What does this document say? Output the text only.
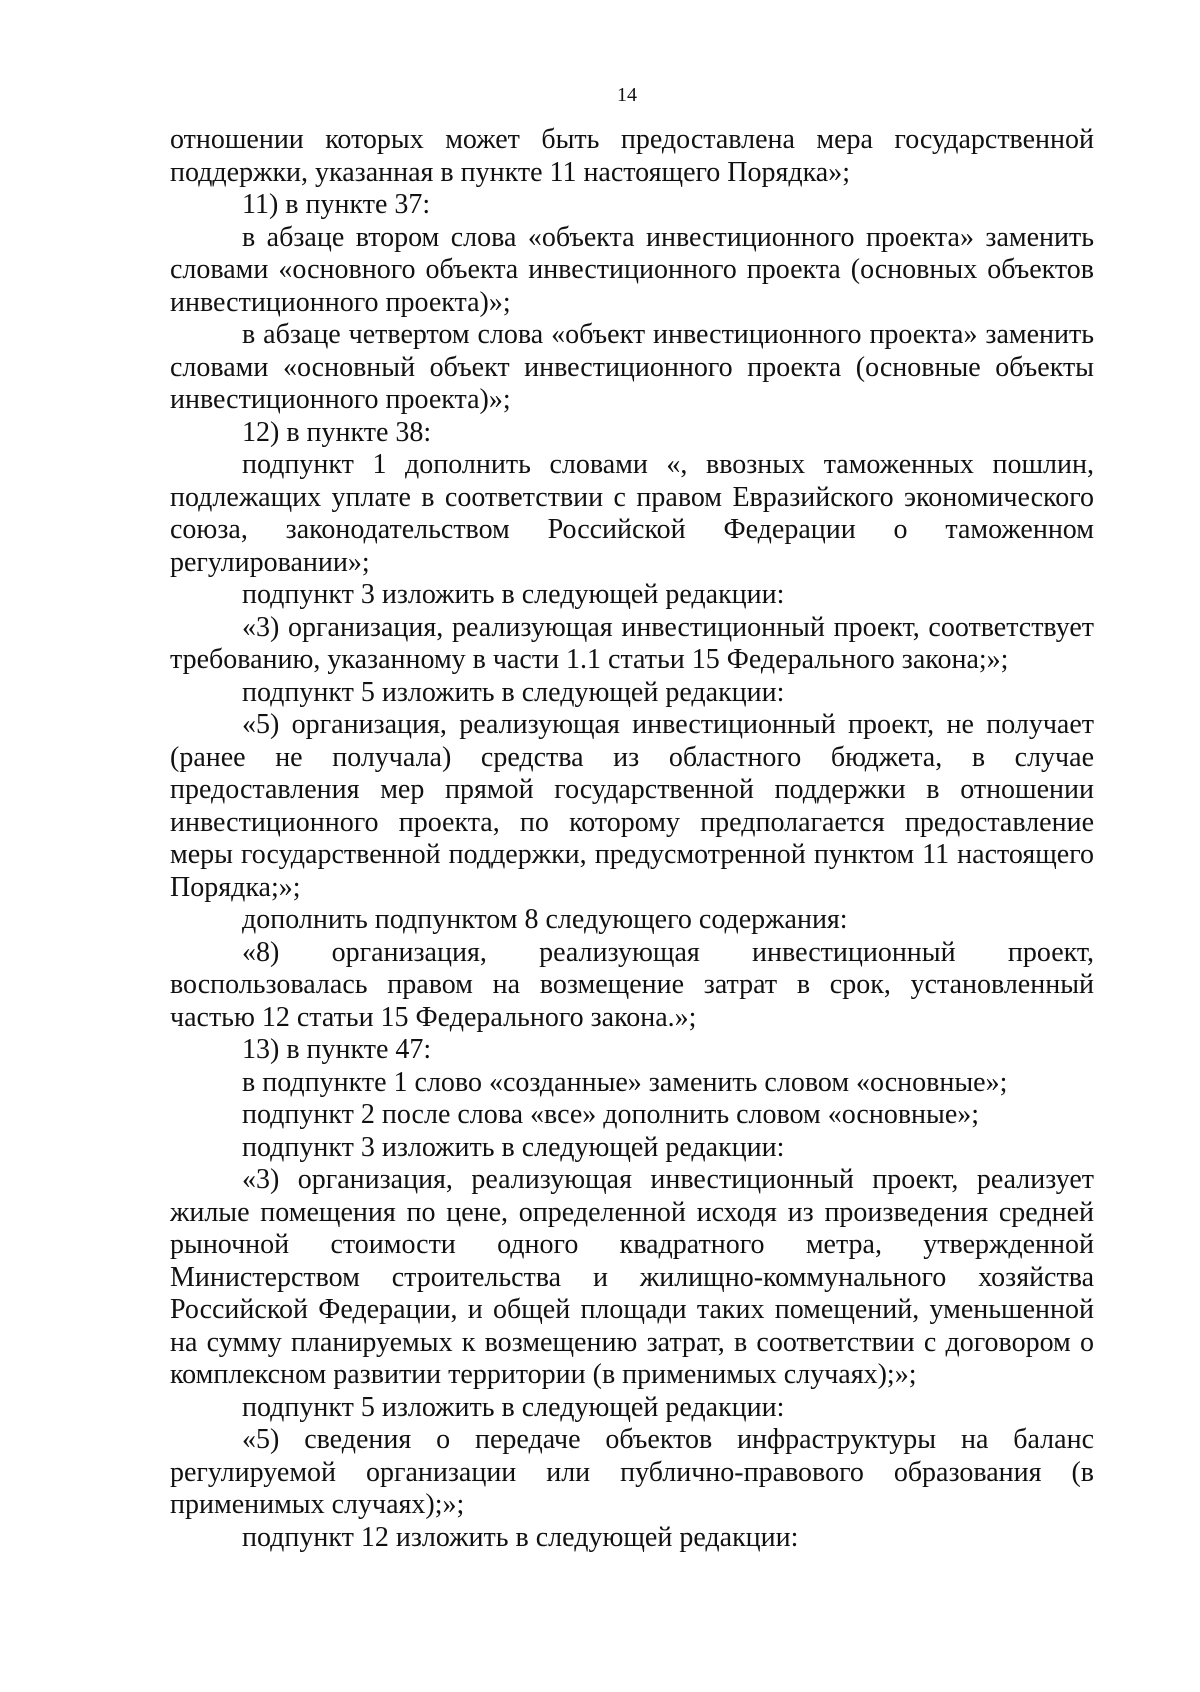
14

отношении которых может быть предоставлена мера государственной поддержки, указанная в пункте 11 настоящего Порядка»;

11) в пункте 37:

в абзаце втором слова «объекта инвестиционного проекта» заменить словами «основного объекта инвестиционного проекта (основных объектов инвестиционного проекта)»;

в абзаце четвертом слова «объект инвестиционного проекта» заменить словами «основный объект инвестиционного проекта (основные объекты инвестиционного проекта)»;

12) в пункте 38:

подпункт 1 дополнить словами «, ввозных таможенных пошлин, подлежащих уплате в соответствии с правом Евразийского экономического союза, законодательством Российской Федерации о таможенном регулировании»;

подпункт 3 изложить в следующей редакции:

«3) организация, реализующая инвестиционный проект, соответствует требованию, указанному в части 1.1 статьи 15 Федерального закона;»;

подпункт 5 изложить в следующей редакции:

«5) организация, реализующая инвестиционный проект, не получает (ранее не получала) средства из областного бюджета, в случае предоставления мер прямой государственной поддержки в отношении инвестиционного проекта, по которому предполагается предоставление меры государственной поддержки, предусмотренной пунктом 11 настоящего Порядка;»;

дополнить подпунктом 8 следующего содержания:

«8) организация, реализующая инвестиционный проект, воспользовалась правом на возмещение затрат в срок, установленный частью 12 статьи 15 Федерального закона.»;

13) в пункте 47:

в подпункте 1 слово «созданные» заменить словом «основные»;

подпункт 2 после слова «все» дополнить словом «основные»;

подпункт 3 изложить в следующей редакции:

«3) организация, реализующая инвестиционный проект, реализует жилые помещения по цене, определенной исходя из произведения средней рыночной стоимости одного квадратного метра, утвержденной Министерством строительства и жилищно-коммунального хозяйства Российской Федерации, и общей площади таких помещений, уменьшенной на сумму планируемых к возмещению затрат, в соответствии с договором о комплексном развитии территории (в применимых случаях);»;

подпункт 5 изложить в следующей редакции:

«5) сведения о передаче объектов инфраструктуры на баланс регулируемой организации или публично-правового образования (в применимых случаях);»;

подпункт 12 изложить в следующей редакции:
